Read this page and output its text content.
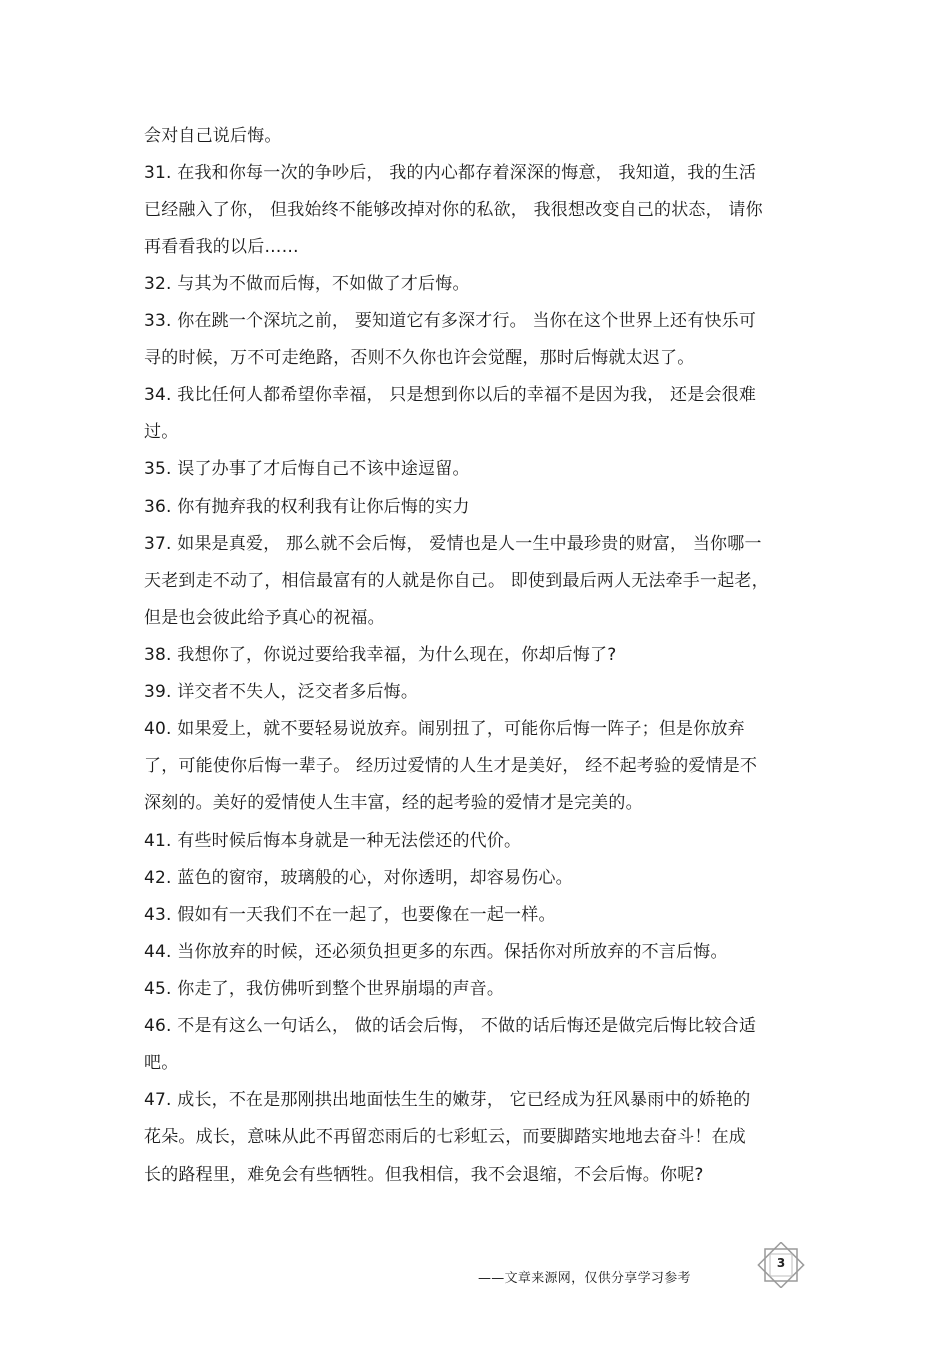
会对自己说后悔。
31. 在我和你每一次的争吵后， 我的内心都存着深深的悔意， 我知道，我的生活
已经融入了你， 但我始终不能够改掉对你的私欲， 我很想改变自己的状态， 请你
再看看我的以后……
32. 与其为不做而后悔，不如做了才后悔。
33. 你在跳一个深坑之前， 要知道它有多深才行。 当你在这个世界上还有快乐可
寻的时候，万不可走绝路，否则不久你也许会觉醒，那时后悔就太迟了。
34. 我比任何人都希望你幸福， 只是想到你以后的幸福不是因为我， 还是会很难
过。
35. 误了办事了才后悔自己不该中途逗留。
36. 你有抛弃我的权利我有让你后悔的实力
37. 如果是真爱， 那么就不会后悔， 爱情也是人一生中最珍贵的财富， 当你哪一
天老到走不动了，相信最富有的人就是你自己。 即使到最后两人无法牵手一起老，
但是也会彼此给予真心的祝福。
38. 我想你了，你说过要给我幸福，为什么现在，你却后悔了?
39. 详交者不失人，泛交者多后悔。
40. 如果爱上，就不要轻易说放弃。闹别扭了，可能你后悔一阵子；但是你放弃
了，可能使你后悔一辈子。 经历过爱情的人生才是美好， 经不起考验的爱情是不
深刻的。美好的爱情使人生丰富，经的起考验的爱情才是完美的。
41. 有些时候后悔本身就是一种无法偿还的代价。
42. 蓝色的窗帘，玻璃般的心，对你透明，却容易伤心。
43. 假如有一天我们不在一起了，也要像在一起一样。
44. 当你放弃的时候，还必须负担更多的东西。保括你对所放弃的不言后悔。
45. 你走了，我仿佛听到整个世界崩塌的声音。
46. 不是有这么一句话么， 做的话会后悔， 不做的话后悔还是做完后悔比较合适
吧。
47. 成长，不在是那刚拱出地面怯生生的嫩芽， 它已经成为狂风暴雨中的娇艳的
花朵。成长，意味从此不再留恋雨后的七彩虹云，而要脚踏实地地去奋斗！在成
长的路程里，难免会有些牺牲。但我相信，我不会退缩，不会后悔。你呢?
——文章来源网，仅供分享学习参考
3
